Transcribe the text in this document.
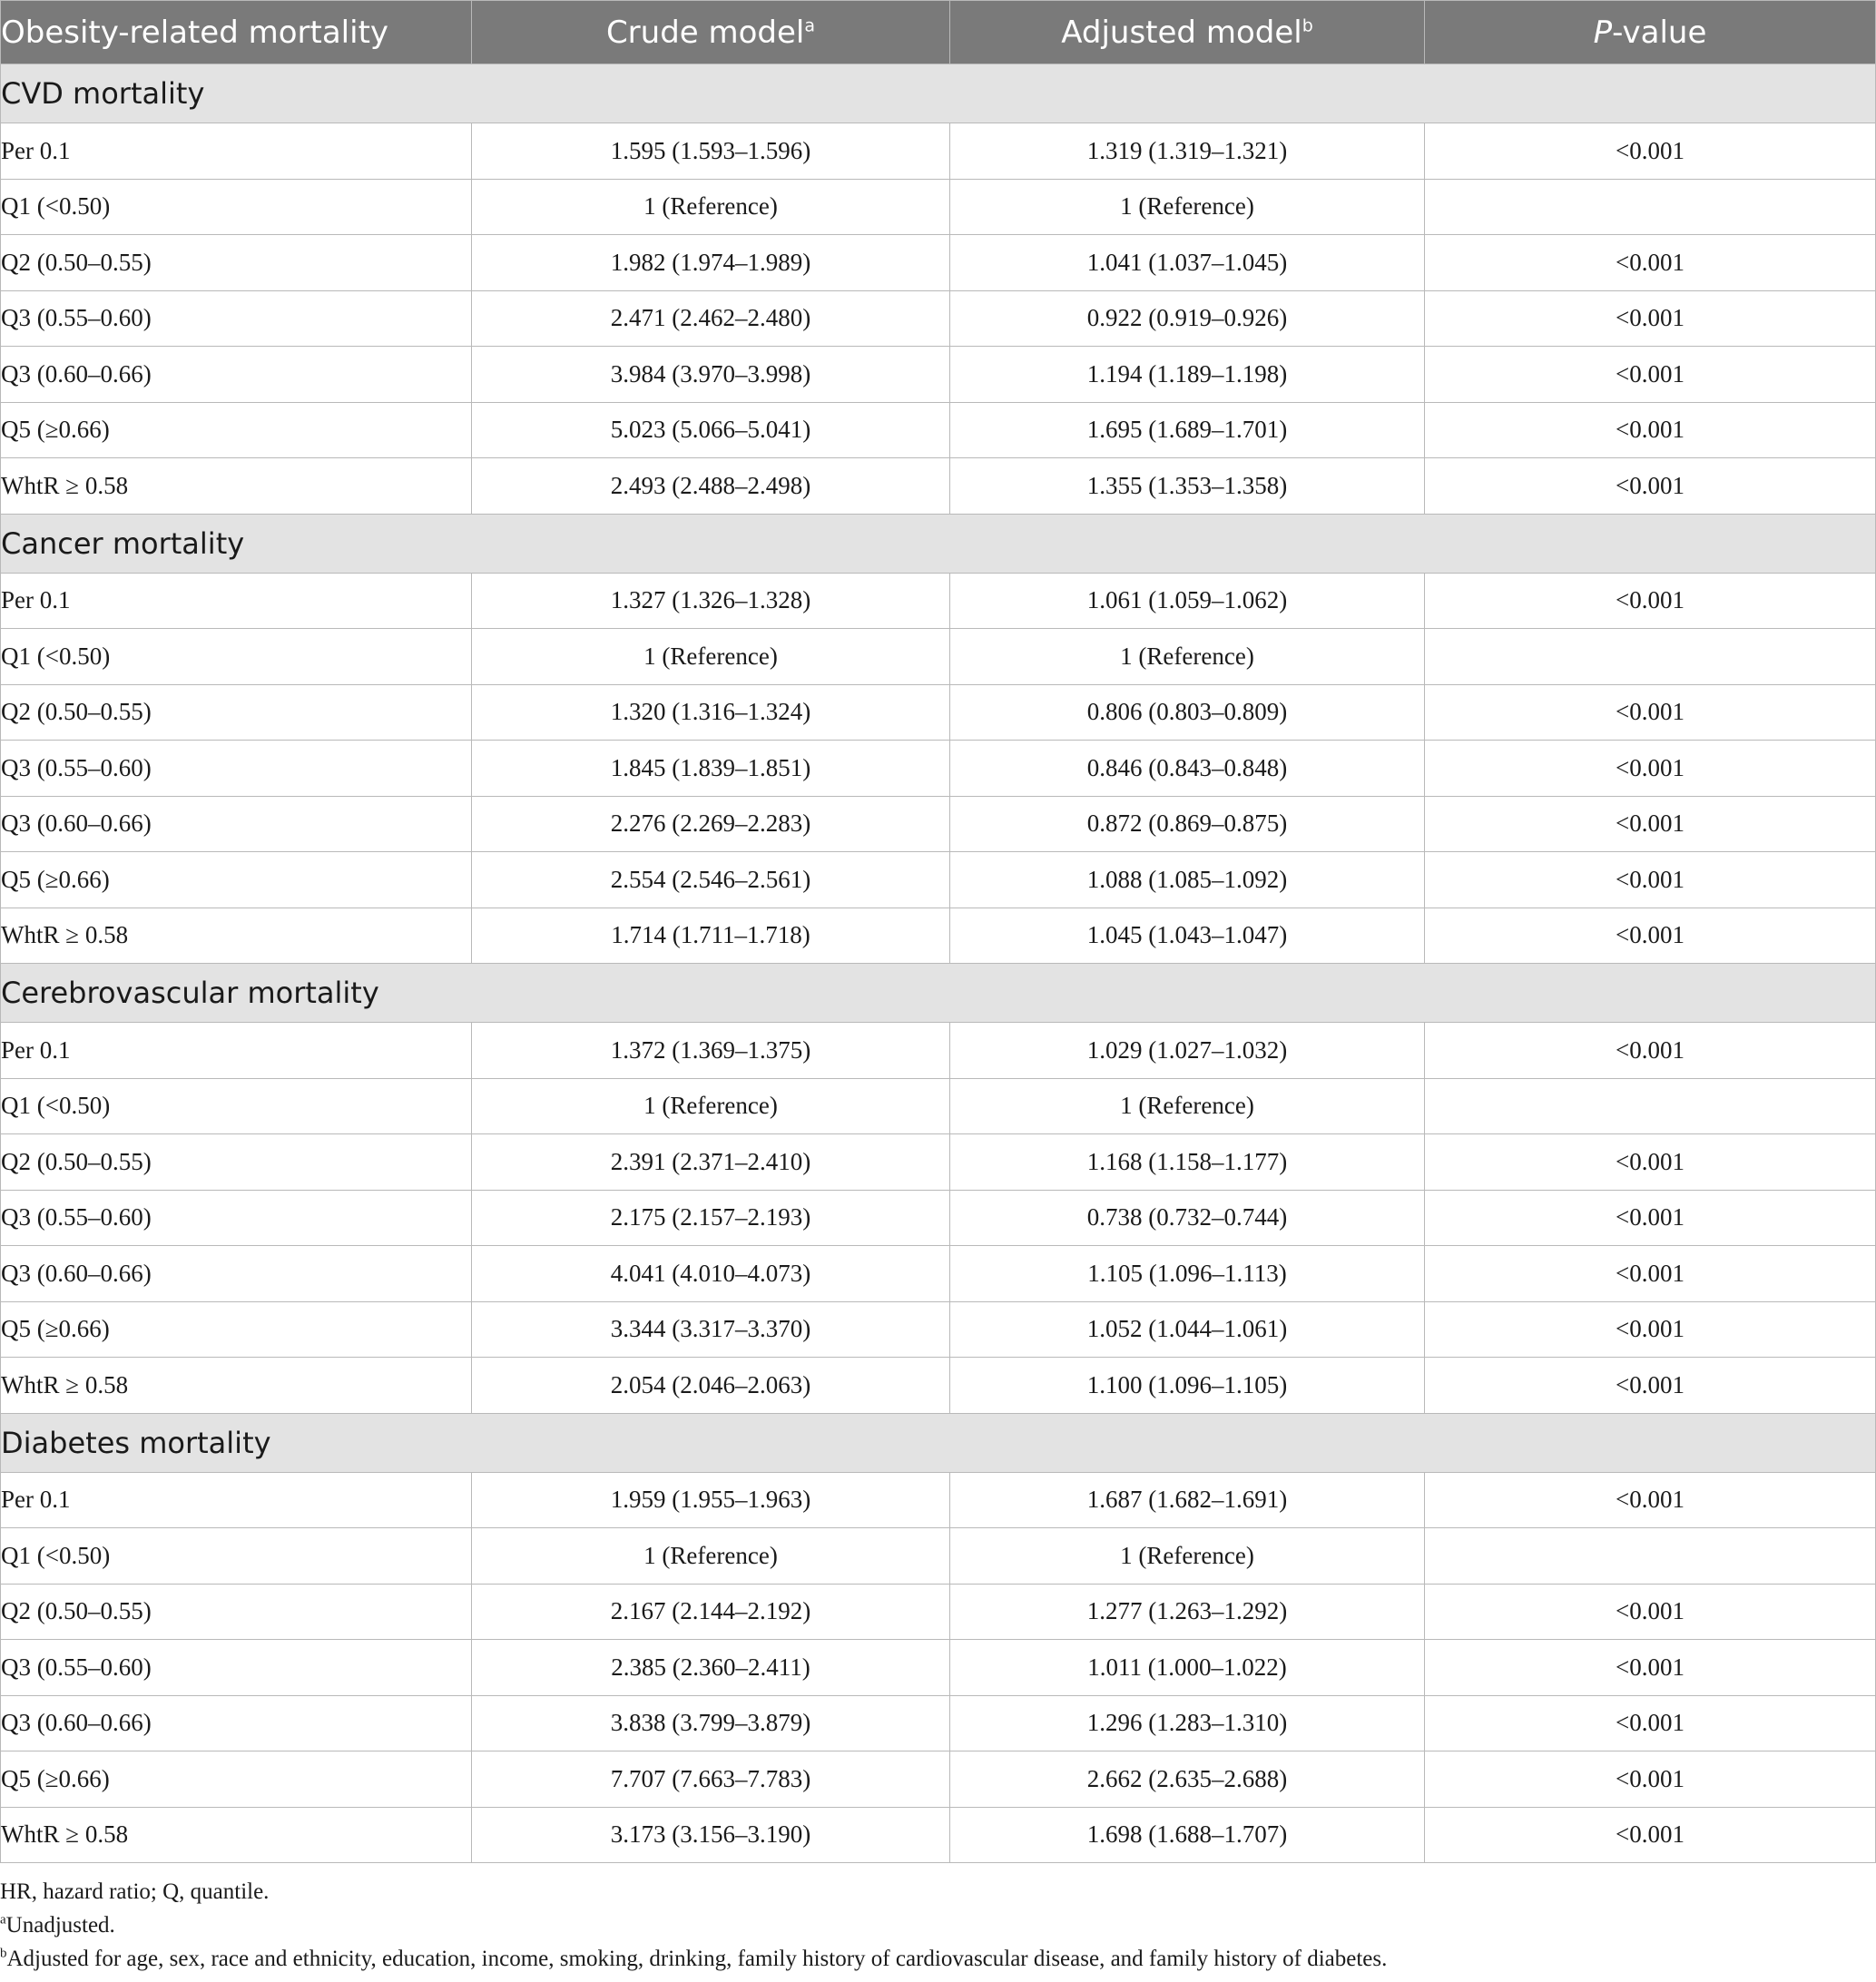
Obesity-related mortality	Crude model$^a$	Adjusted model$^b$	P-value
CVD mortality			
Per 0.1	1.595 (1.593–1.596)	1.319 (1.319–1.321)	<0.001
Q1 (<0.50)	1 (Reference)	1 (Reference)	
Q2 (0.50–0.55)	1.982 (1.974–1.989)	1.041 (1.037–1.045)	<0.001
Q3 (0.55–0.60)	2.471 (2.462–2.480)	0.922 (0.919–0.926)	<0.001
Q3 (0.60–0.66)	3.984 (3.970–3.998)	1.194 (1.189–1.198)	<0.001
Q5 (≥0.66)	5.023 (5.066–5.041)	1.695 (1.689–1.701)	<0.001
WhtR ≥ 0.58	2.493 (2.488–2.498)	1.355 (1.353–1.358)	<0.001
Cancer mortality			
Per 0.1	1.327 (1.326–1.328)	1.061 (1.059–1.062)	<0.001
Q1 (<0.50)	1 (Reference)	1 (Reference)	
Q2 (0.50–0.55)	1.320 (1.316–1.324)	0.806 (0.803–0.809)	<0.001
Q3 (0.55–0.60)	1.845 (1.839–1.851)	0.846 (0.843–0.848)	<0.001
Q3 (0.60–0.66)	2.276 (2.269–2.283)	0.872 (0.869–0.875)	<0.001
Q5 (≥0.66)	2.554 (2.546–2.561)	1.088 (1.085–1.092)	<0.001
WhtR ≥ 0.58	1.714 (1.711–1.718)	1.045 (1.043–1.047)	<0.001
Cerebrovascular mortality			
Per 0.1	1.372 (1.369–1.375)	1.029 (1.027–1.032)	<0.001
Q1 (<0.50)	1 (Reference)	1 (Reference)	
Q2 (0.50–0.55)	2.391 (2.371–2.410)	1.168 (1.158–1.177)	<0.001
Q3 (0.55–0.60)	2.175 (2.157–2.193)	0.738 (0.732–0.744)	<0.001
Q3 (0.60–0.66)	4.041 (4.010–4.073)	1.105 (1.096–1.113)	<0.001
Q5 (≥0.66)	3.344 (3.317–3.370)	1.052 (1.044–1.061)	<0.001
WhtR ≥ 0.58	2.054 (2.046–2.063)	1.100 (1.096–1.105)	<0.001
Diabetes mortality			
Per 0.1	1.959 (1.955–1.963)	1.687 (1.682–1.691)	<0.001
Q1 (<0.50)	1 (Reference)	1 (Reference)	
Q2 (0.50–0.55)	2.167 (2.144–2.192)	1.277 (1.263–1.292)	<0.001
Q3 (0.55–0.60)	2.385 (2.360–2.411)	1.011 (1.000–1.022)	<0.001
Q3 (0.60–0.66)	3.838 (3.799–3.879)	1.296 (1.283–1.310)	<0.001
Q5 (≥0.66)	7.707 (7.663–7.783)	2.662 (2.635–2.688)	<0.001
WhtR ≥ 0.58	3.173 (3.156–3.190)	1.698 (1.688–1.707)	<0.001
HR, hazard ratio; Q, quantile.
$^a$Unadjusted.
$^b$Adjusted for age, sex, race and ethnicity, education, income, smoking, drinking, family history of cardiovascular disease, and family history of diabetes.
